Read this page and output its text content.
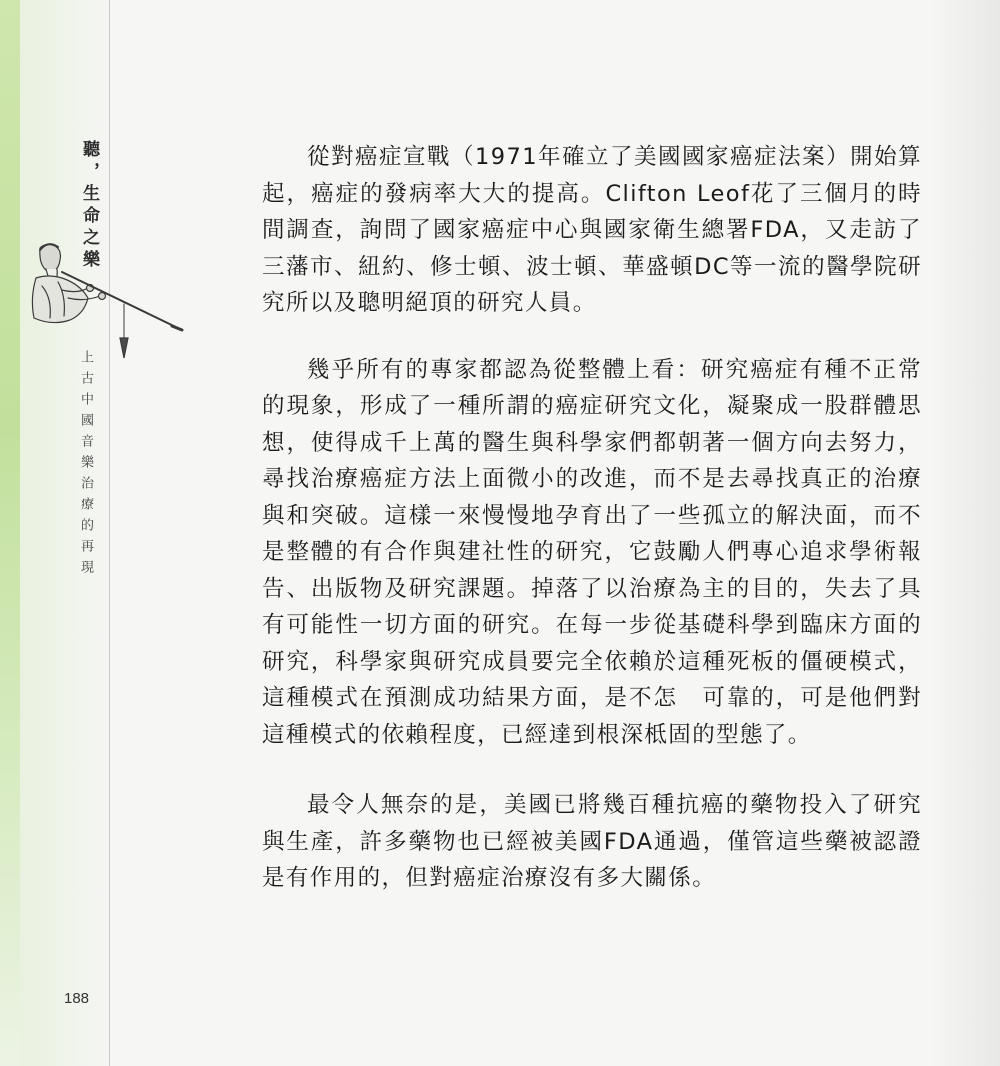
聽，生命之樂
上古中國音樂治療的再現
188

從對癌症宣戰（1971年確立了美國國家癌症法案）開始算起，癌症的發病率大大的提高。Clifton Leof花了三個月的時間調查，詢問了國家癌症中心與國家衛生總署FDA，又走訪了三藩市、紐約、修士頓、波士頓、華盛頓DC等一流的醫學院研究所以及聰明絕頂的研究人員。

幾乎所有的專家都認為從整體上看：研究癌症有種不正常的現象，形成了一種所謂的癌症研究文化，凝聚成一股群體思想，使得成千上萬的醫生與科學家們都朝著一個方向去努力，尋找治療癌症方法上面微小的改進，而不是去尋找真正的治療與和突破。這樣一來慢慢地孕育出了一些孤立的解決面，而不是整體的有合作與建社性的研究，它鼓勵人們專心追求學術報告、出版物及研究課題。掉落了以治療為主的目的，失去了具有可能性一切方面的研究。在每一步從基礎科學到臨床方面的研究，科學家與研究成員要完全依賴於這種死板的僵硬模式，這種模式在預測成功結果方面，是不怎　可靠的，可是他們對這種模式的依賴程度，已經達到根深柢固的型態了。

最令人無奈的是，美國已將幾百種抗癌的藥物投入了研究與生產，許多藥物也已經被美國FDA通過，僅管這些藥被認證是有作用的，但對癌症治療沒有多大關係。
